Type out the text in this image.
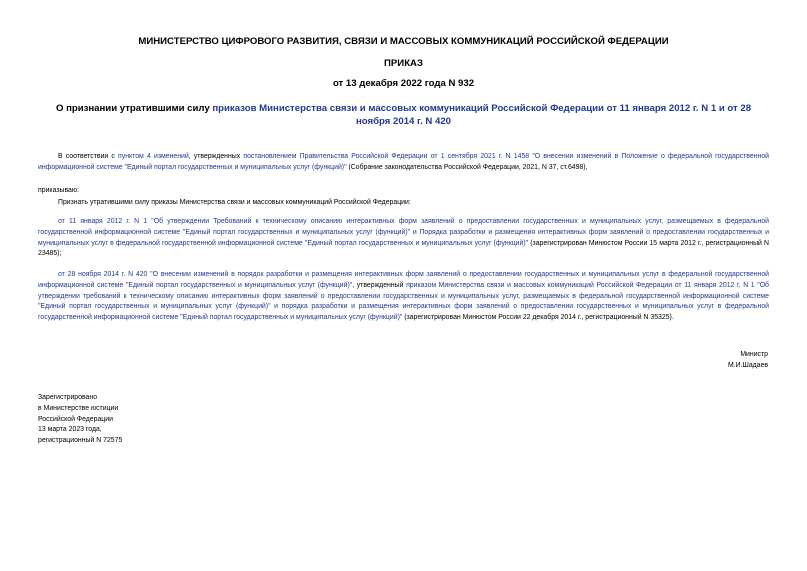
МИНИСТЕРСТВО ЦИФРОВОГО РАЗВИТИЯ, СВЯЗИ И МАССОВЫХ КОММУНИКАЦИЙ РОССИЙСКОЙ ФЕДЕРАЦИИ

ПРИКАЗ

от 13 декабря 2022 года N 932

О признании утратившими силу приказов Министерства связи и массовых коммуникаций Российской Федерации от 11 января 2012 г. N 1 и от 28 ноября 2014 г. N 420

В соответствии с пунктом 4 изменений, утвержденных постановлением Правительства Российской Федерации от 1 сентября 2021 г. N 1458 "О внесении изменений в Положение о федеральной государственной информационной системе "Единый портал государственных и муниципальных услуг (функций)" (Собрание законодательства Российской Федерации, 2021, N 37, ст.6498),

приказываю:

Признать утратившими силу приказы Министерства связи и массовых коммуникаций Российской Федерации:

от 11 января 2012 г. N 1 "Об утверждении Требований к техническому описанию интерактивных форм заявлений о предоставлении государственных и муниципальных услуг, размещаемых в федеральной государственной информационной системе "Единый портал государственных и муниципальных услуг (функций)" и Порядка разработки и размещения интерактивных форм заявлений о предоставлении государственных и муниципальных услуг в федеральной государственной информационной системе "Единый портал государственных и муниципальных услуг (функций)" (зарегистрирован Минюстом России 15 марта 2012 г., регистрационный N 23485);

от 28 ноября 2014 г. N 420 "О внесении изменений в порядок разработки и размещения интерактивных форм заявлений о предоставлении государственных и муниципальных услуг в федеральной государственной информационной системе "Единый портал государственных и муниципальных услуг (функций)", утвержденный приказом Министерства связи и массовых коммуникаций Российской Федерации от 11 января 2012 г. N 1 "Об утверждении требований к техническому описанию интерактивных форм заявлений о предоставлении государственных и муниципальных услуг, размещаемых в федеральной государственной информационной системе "Единый портал государственных и муниципальных услуг (функций)" и порядка разработки и размещения интерактивных форм заявлений о предоставлении государственных и муниципальных услуг в федеральной государственной информационной системе "Единый портал государственных и муниципальных услуг (функций)" (зарегистрирован Минюстом России 22 декабря 2014 г., регистрационный N 35325).

Министр
М.И.Шадаев
Зарегистрировано
в Министерстве юстиции
Российской Федерации
13 марта 2023 года,
регистрационный N 72575
